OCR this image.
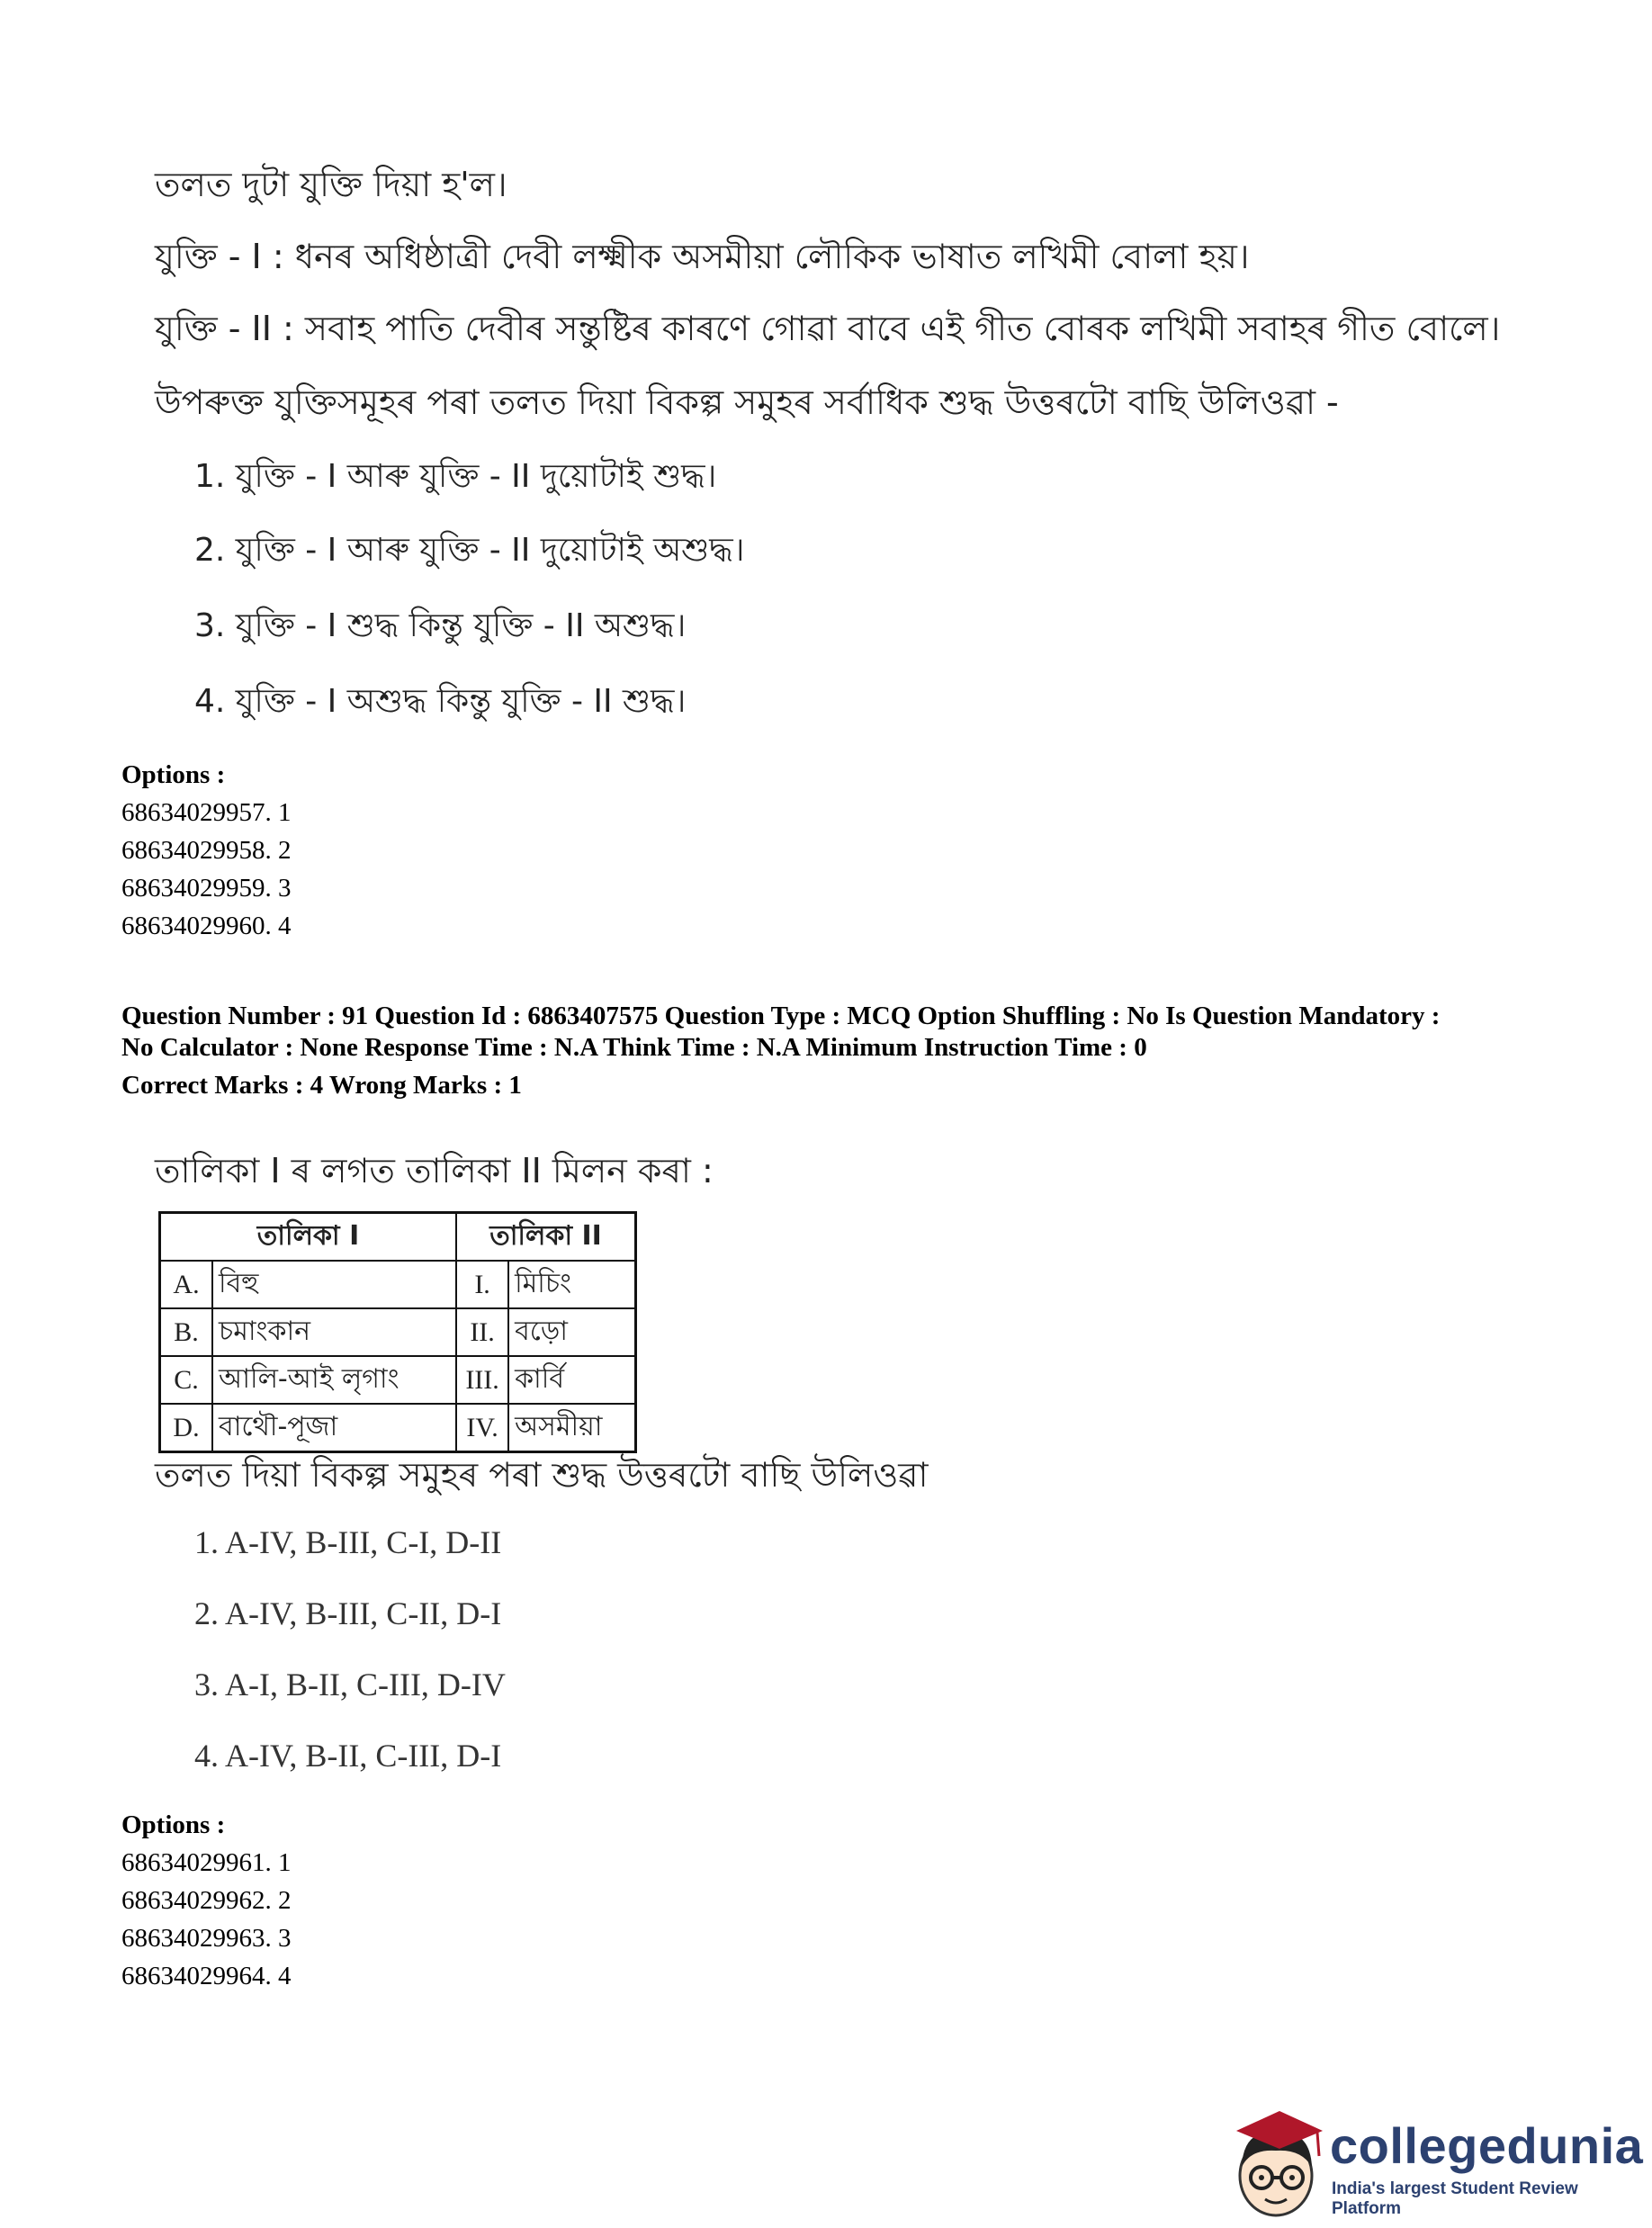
তলত দুটা যুক্তি দিয়া হ'ল।
যুক্তি - I : ধনৰ অধিষ্ঠাত্ৰী দেবী লক্ষ্মীক অসমীয়া লৌকিক ভাষাত লখিমী বোলা হয়।
যুক্তি - II : সবাহ পাতি দেবীৰ সন্তুষ্টিৰ কাৰণে গোৱা বাবে এই গীত বোৰক লখিমী সবাহৰ গীত বোলে।
উপৰুক্ত যুক্তিসমূহৰ পৰা তলত দিয়া বিকল্প সমুহৰ সৰ্বাধিক শুদ্ধ উত্তৰটো বাছি উলিওৱা -
1. যুক্তি - I আৰু যুক্তি - II দুয়োটাই শুদ্ধ।
2. যুক্তি - I আৰু যুক্তি - II দুয়োটাই অশুদ্ধ।
3. যুক্তি - I শুদ্ধ কিন্তু যুক্তি - II অশুদ্ধ।
4. যুক্তি - I অশুদ্ধ কিন্তু যুক্তি - II শুদ্ধ।
Options :
68634029957. 1
68634029958. 2
68634029959. 3
68634029960. 4
Question Number : 91 Question Id : 6863407575 Question Type : MCQ Option Shuffling : No Is Question Mandatory :
No Calculator : None Response Time : N.A Think Time : N.A Minimum Instruction Time : 0
Correct Marks : 4 Wrong Marks : 1
তালিকা I ৰ লগত তালিকা II মিলন কৰা :
তালিকা I		তালিকা II	
A.	বিহু	I.	মিচিং
B.	চমাংকান	II.	বড়ো
C.	আলি-আই লৃগাং	III.	কাৰ্বি
D.	বাথৌ-পূজা	IV.	অসমীয়া
তলত দিয়া বিকল্প সমুহৰ পৰা শুদ্ধ উত্তৰটো বাছি উলিওৱা
1. A-IV, B-III, C-I, D-II
2. A-IV, B-III, C-II, D-I
3. A-I, B-II, C-III, D-IV
4. A-IV, B-II, C-III, D-I
Options :
68634029961. 1
68634029962. 2
68634029963. 3
68634029964. 4
collegedunia
India's largest Student Review Platform
